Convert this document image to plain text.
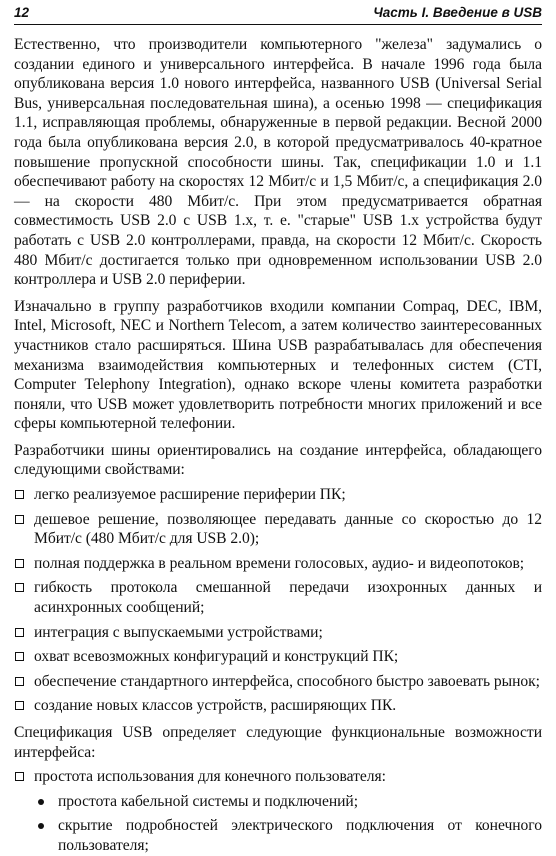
12	Часть I. Введение в USB

Естественно, что производители компьютерного "железа" задумались о создании единого и универсального интерфейса. В начале 1996 года была опубликована версия 1.0 нового интерфейса, названного USB (Universal Serial Bus, универсальная последовательная шина), а осенью 1998 — спецификация 1.1, исправляющая проблемы, обнаруженные в первой редакции. Весной 2000 года была опубликована версия 2.0, в которой предусматривалось 40-кратное повышение пропускной способности шины. Так, спецификации 1.0 и 1.1 обеспечивают работу на скоростях 12 Мбит/с и 1,5 Мбит/с, а спецификация 2.0 — на скорости 480 Мбит/с. При этом предусматривается обратная совместимость USB 2.0 с USB 1.x, т. е. "старые" USB 1.x устройства будут работать с USB 2.0 контроллерами, правда, на скорости 12 Мбит/с. Скорость 480 Мбит/с достигается только при одновременном использовании USB 2.0 контроллера и USB 2.0 периферии.

Изначально в группу разработчиков входили компании Compaq, DEC, IBM, Intel, Microsoft, NEC и Northern Telecom, а затем количество заинтересованных участников стало расширяться. Шина USB разрабатывалась для обеспечения механизма взаимодействия компьютерных и телефонных систем (CTI, Computer Telephony Integration), однако вскоре члены комитета разработки поняли, что USB может удовлетворить потребности многих приложений и все сферы компьютерной телефонии.

Разработчики шины ориентировались на создание интерфейса, обладающего следующими свойствами:

легко реализуемое расширение периферии ПК;
дешевое решение, позволяющее передавать данные со скоростью до 12 Мбит/с (480 Мбит/с для USB 2.0);
полная поддержка в реальном времени голосовых, аудио- и видеопотоков;
гибкость протокола смешанной передачи изохронных данных и асинхронных сообщений;
интеграция с выпускаемыми устройствами;
охват всевозможных конфигураций и конструкций ПК;
обеспечение стандартного интерфейса, способного быстро завоевать рынок;
создание новых классов устройств, расширяющих ПК.

Спецификация USB определяет следующие функциональные возможности интерфейса:

простота использования для конечного пользователя:
простота кабельной системы и подключений;
скрытие подробностей электрического подключения от конечного пользователя;
